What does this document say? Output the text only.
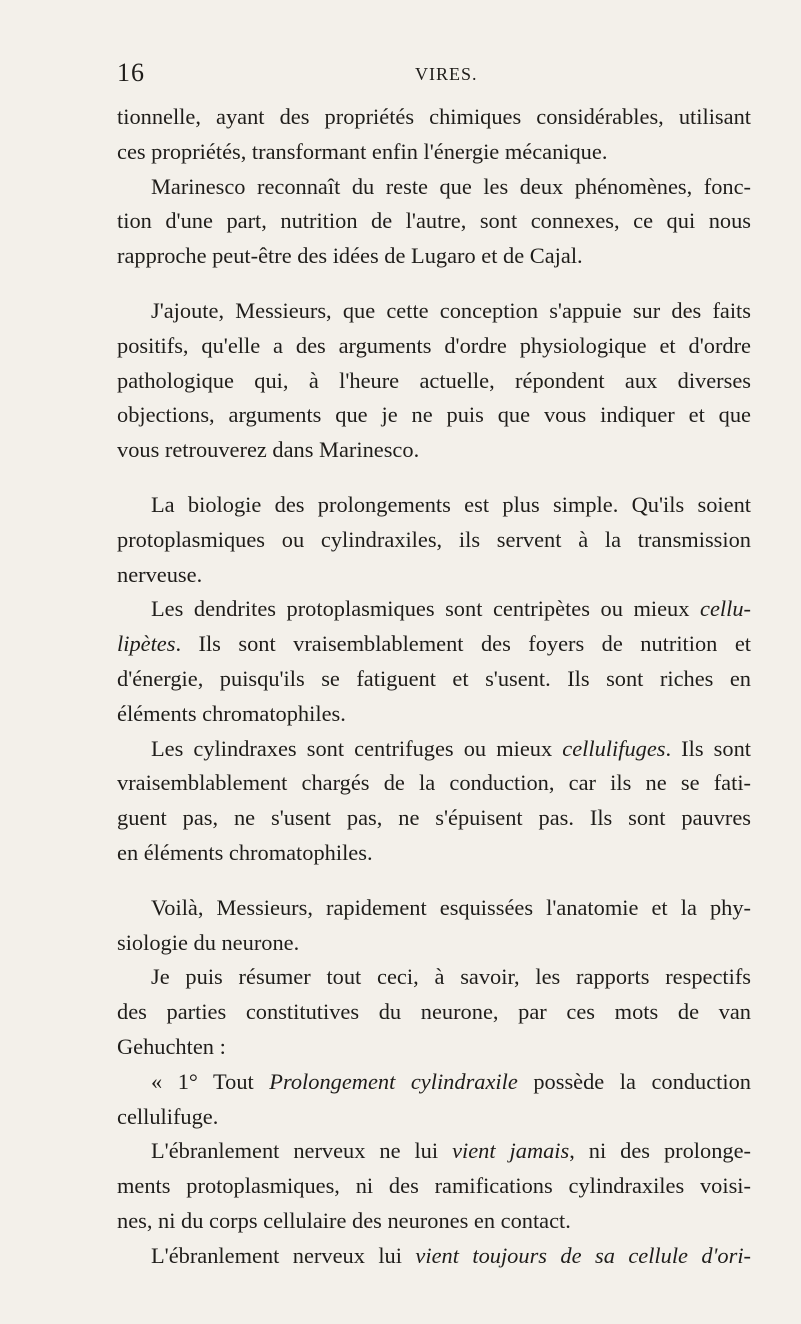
16	VIRES.
tionnelle, ayant des propriétés chimiques considérables, utilisant
ces propriétés, transformant enfin l'énergie mécanique.
Marinesco reconnaît du reste que les deux phénomènes, fonc-
tion d'une part, nutrition de l'autre, sont connexes, ce qui nous
rapproche peut-être des idées de Lugaro et de Cajal.
J'ajoute, Messieurs, que cette conception s'appuie sur des faits
positifs, qu'elle a des arguments d'ordre physiologique et d'ordre
pathologique qui, à l'heure actuelle, répondent aux diverses
objections, arguments que je ne puis que vous indiquer et que
vous retrouverez dans Marinesco.
La biologie des prolongements est plus simple. Qu'ils soient
protoplasmiques ou cylindraxiles, ils servent à la transmission
nerveuse.
Les dendrites protoplasmiques sont centripètes ou mieux cellu-
lipètes. Ils sont vraisemblablement des foyers de nutrition et
d'énergie, puisqu'ils se fatiguent et s'usent. Ils sont riches en
éléments chromatophiles.
Les cylindraxes sont centrifuges ou mieux cellulifuges. Ils sont
vraisemblablement chargés de la conduction, car ils ne se fati-
guent pas, ne s'usent pas, ne s'épuisent pas. Ils sont pauvres
en éléments chromatophiles.
Voilà, Messieurs, rapidement esquissées l'anatomie et la phy-
siologie du neurone.
Je puis résumer tout ceci, à savoir, les rapports respectifs
des parties constitutives du neurone, par ces mots de van
Gehuchten :
« 1° Tout Prolongement cylindraxile possède la conduction
cellulifuge.
L'ébranlement nerveux ne lui vient jamais, ni des prolonge-
ments protoplasmiques, ni des ramifications cylindraxiles voisi-
nes, ni du corps cellulaire des neurones en contact.
L'ébranlement nerveux lui vient toujours de sa cellule d'ori-
